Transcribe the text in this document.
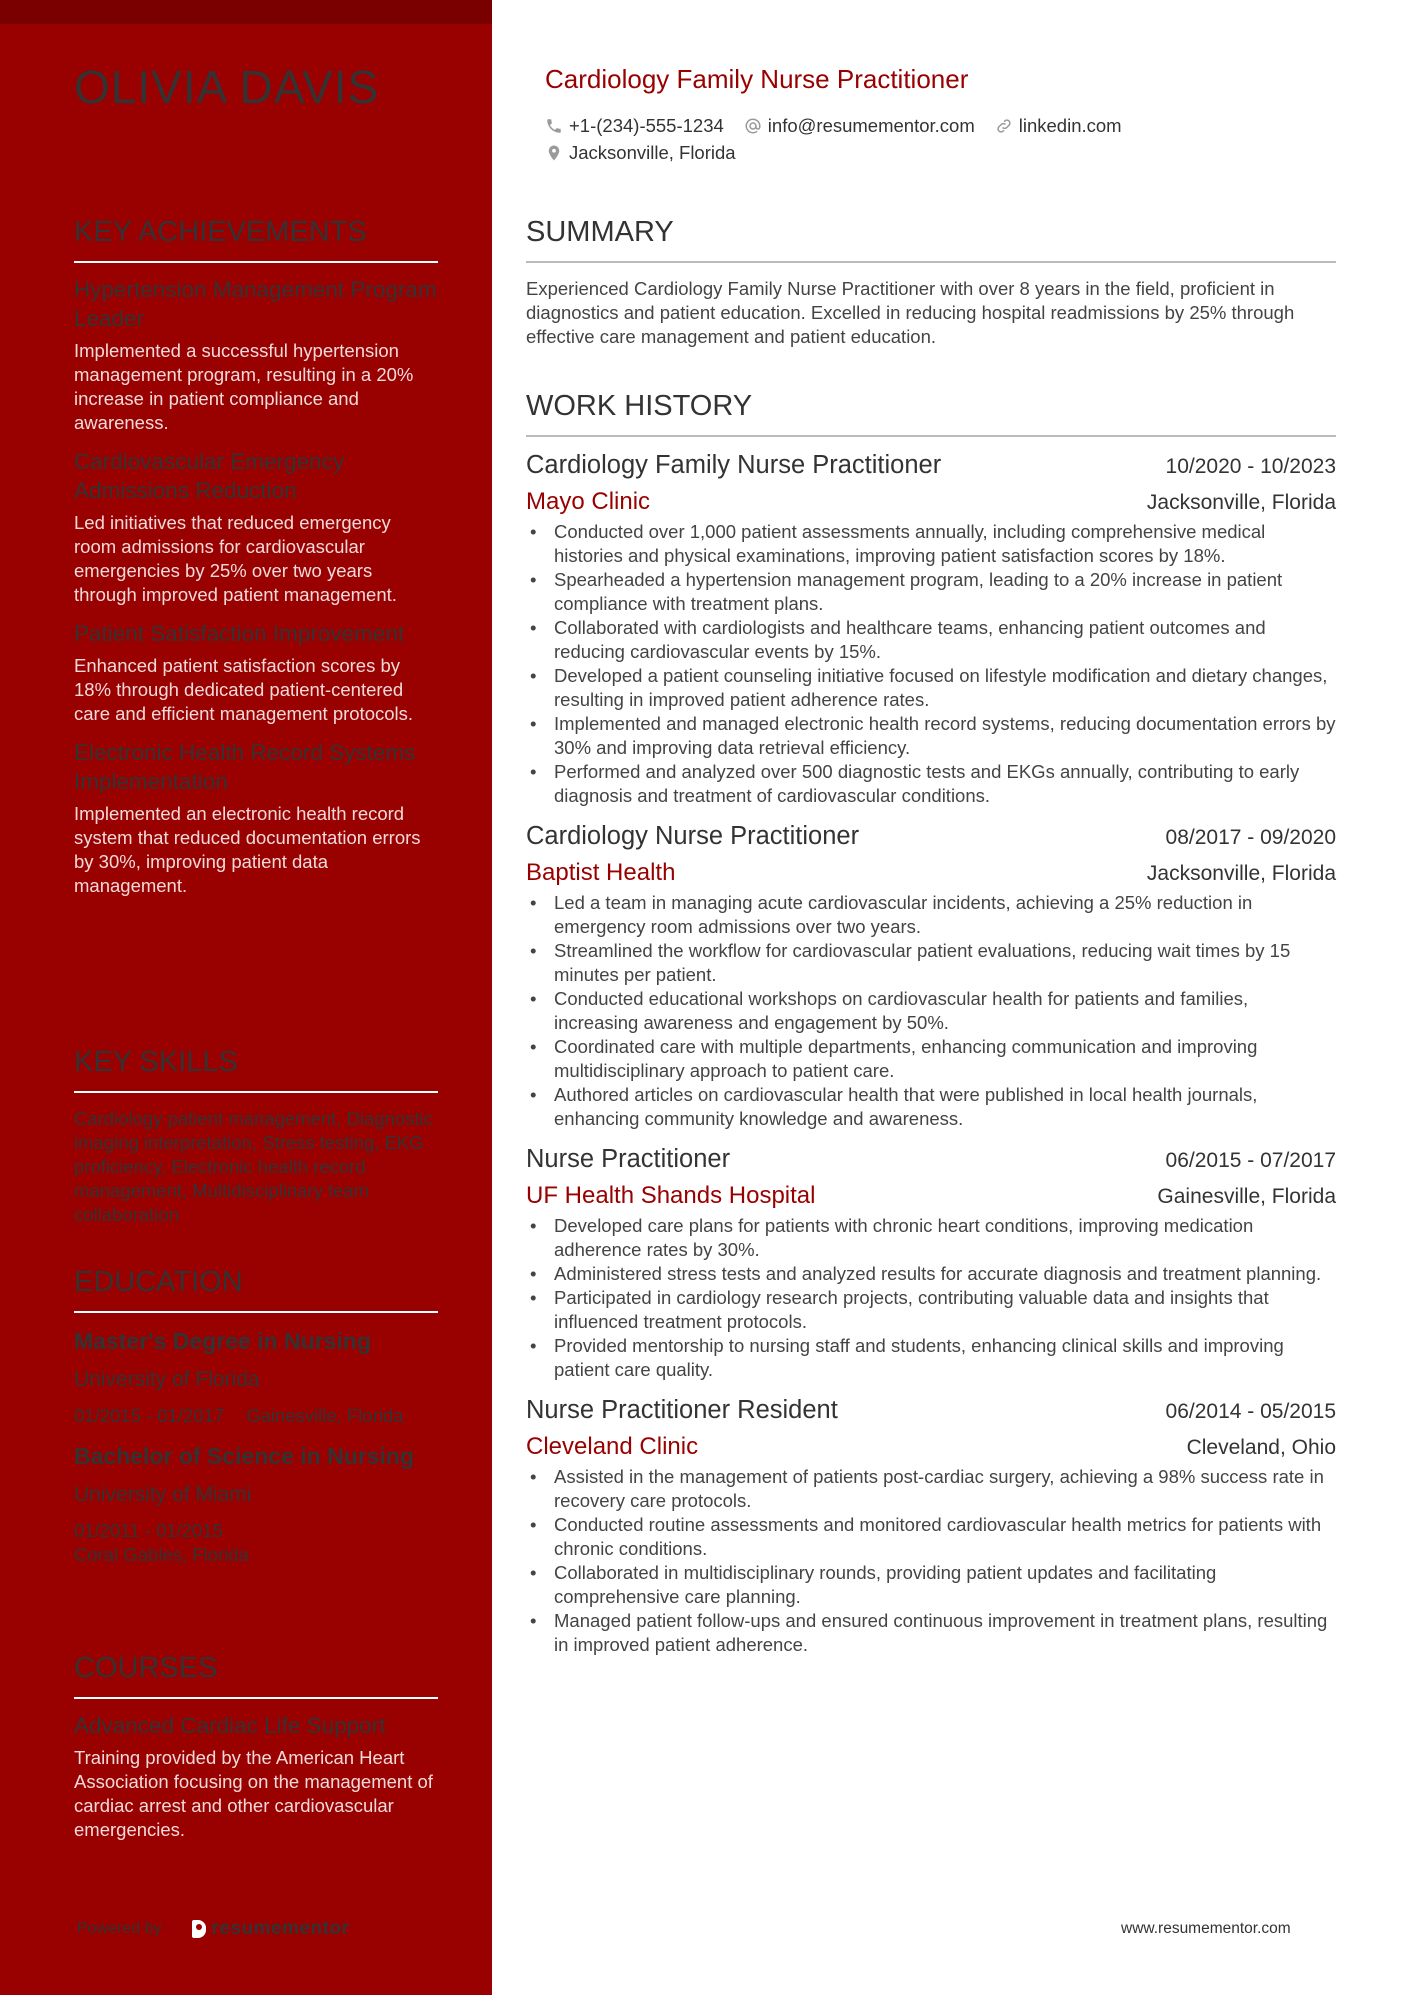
OLIVIA DAVIS
KEY ACHIEVEMENTS
Hypertension Management Program Leader
Implemented a successful hypertension management program, resulting in a 20% increase in patient compliance and awareness.
Cardiovascular Emergency Admissions Reduction
Led initiatives that reduced emergency room admissions for cardiovascular emergencies by 25% over two years through improved patient management.
Patient Satisfaction Improvement
Enhanced patient satisfaction scores by 18% through dedicated patient-centered care and efficient management protocols.
Electronic Health Record Systems Implementation
Implemented an electronic health record system that reduced documentation errors by 30%, improving patient data management.
KEY SKILLS
Cardiology patient management, Diagnostic imaging interpretation, Stress testing, EKG proficiency, Electronic health record management, Multidisciplinary team collaboration
EDUCATION
Master's Degree in Nursing
University of Florida
01/2015 - 01/2017 Gainesville, Florida
Bachelor of Science in Nursing
University of Miami
01/2011 - 01/2015
Coral Gables, Florida
COURSES
Advanced Cardiac Life Support
Training provided by the American Heart Association focusing on the management of cardiac arrest and other cardiovascular emergencies.
Powered by	resumementor
Cardiology Family Nurse Practitioner
+1-(234)-555-1234 info@resumementor.com linkedin.com
Jacksonville, Florida
SUMMARY
Experienced Cardiology Family Nurse Practitioner with over 8 years in the field, proficient in diagnostics and patient education. Excelled in reducing hospital readmissions by 25% through effective care management and patient education.
WORK HISTORY
Cardiology Family Nurse Practitioner	10/2020 - 10/2023
Mayo Clinic	Jacksonville, Florida
• Conducted over 1,000 patient assessments annually, including comprehensive medical histories and physical examinations, improving patient satisfaction scores by 18%.
• Spearheaded a hypertension management program, leading to a 20% increase in patient compliance with treatment plans.
• Collaborated with cardiologists and healthcare teams, enhancing patient outcomes and reducing cardiovascular events by 15%.
• Developed a patient counseling initiative focused on lifestyle modification and dietary changes, resulting in improved patient adherence rates.
• Implemented and managed electronic health record systems, reducing documentation errors by 30% and improving data retrieval efficiency.
• Performed and analyzed over 500 diagnostic tests and EKGs annually, contributing to early diagnosis and treatment of cardiovascular conditions.
Cardiology Nurse Practitioner	08/2017 - 09/2020
Baptist Health	Jacksonville, Florida
• Led a team in managing acute cardiovascular incidents, achieving a 25% reduction in emergency room admissions over two years.
• Streamlined the workflow for cardiovascular patient evaluations, reducing wait times by 15 minutes per patient.
• Conducted educational workshops on cardiovascular health for patients and families, increasing awareness and engagement by 50%.
• Coordinated care with multiple departments, enhancing communication and improving multidisciplinary approach to patient care.
• Authored articles on cardiovascular health that were published in local health journals, enhancing community knowledge and awareness.
Nurse Practitioner	06/2015 - 07/2017
UF Health Shands Hospital	Gainesville, Florida
• Developed care plans for patients with chronic heart conditions, improving medication adherence rates by 30%.
• Administered stress tests and analyzed results for accurate diagnosis and treatment planning.
• Participated in cardiology research projects, contributing valuable data and insights that influenced treatment protocols.
• Provided mentorship to nursing staff and students, enhancing clinical skills and improving patient care quality.
Nurse Practitioner Resident	06/2014 - 05/2015
Cleveland Clinic	Cleveland, Ohio
• Assisted in the management of patients post-cardiac surgery, achieving a 98% success rate in recovery care protocols.
• Conducted routine assessments and monitored cardiovascular health metrics for patients with chronic conditions.
• Collaborated in multidisciplinary rounds, providing patient updates and facilitating comprehensive care planning.
• Managed patient follow-ups and ensured continuous improvement in treatment plans, resulting in improved patient adherence.
www.resumementor.com
